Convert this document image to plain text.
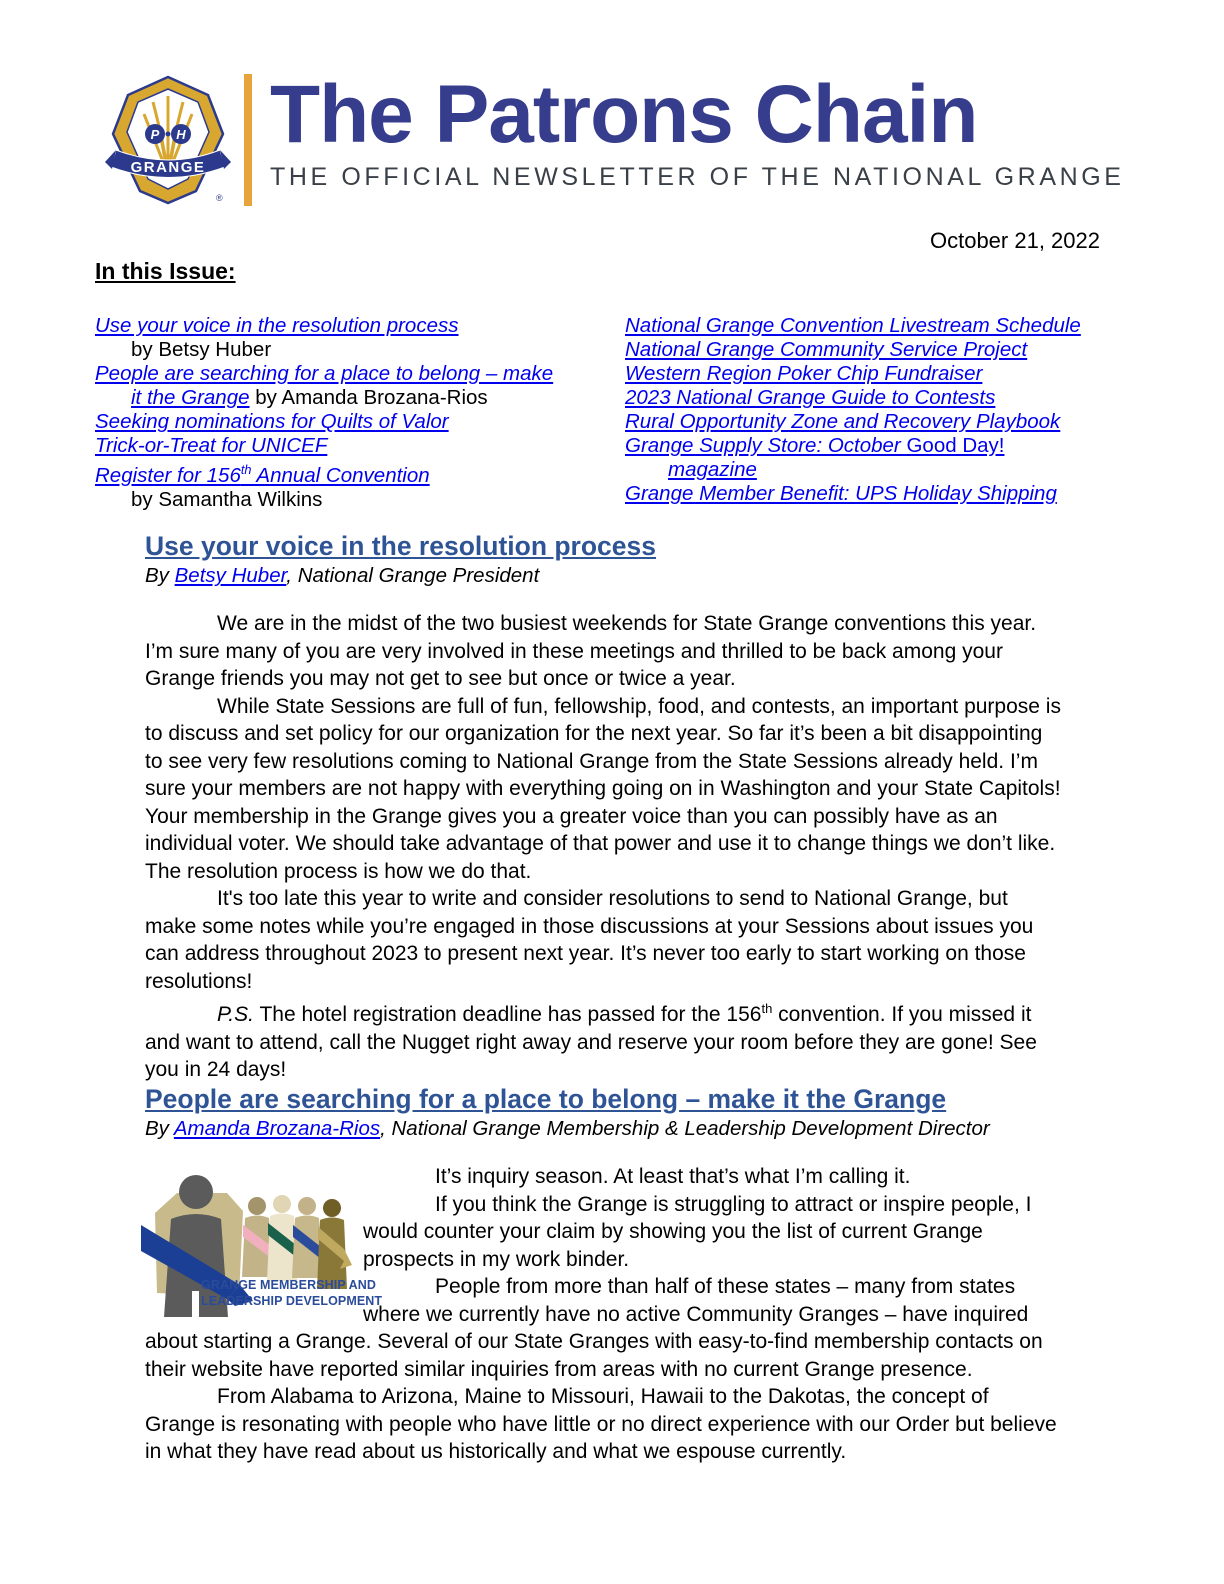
P H
GRANGE
®
The Patrons Chain
THE OFFICIAL NEWSLETTER OF THE NATIONAL GRANGE
October 21, 2022
In this Issue:
Use your voice in the resolution process
by Betsy Huber
People are searching for a place to belong – make
it the Grange by Amanda Brozana-Rios
Seeking nominations for Quilts of Valor
Trick-or-Treat for UNICEF
Register for 156th Annual Convention
by Samantha Wilkins
National Grange Convention Livestream Schedule
National Grange Community Service Project
Western Region Poker Chip Fundraiser
2023 National Grange Guide to Contests
Rural Opportunity Zone and Recovery Playbook
Grange Supply Store: October Good Day!
magazine
Grange Member Benefit: UPS Holiday Shipping
Use your voice in the resolution process
By Betsy Huber, National Grange President

We are in the midst of the two busiest weekends for State Grange conventions this year. I’m sure many of you are very involved in these meetings and thrilled to be back among your Grange friends you may not get to see but once or twice a year.

While State Sessions are full of fun, fellowship, food, and contests, an important purpose is to discuss and set policy for our organization for the next year. So far it’s been a bit disappointing to see very few resolutions coming to National Grange from the State Sessions already held. I’m sure your members are not happy with everything going on in Washington and your State Capitols! Your membership in the Grange gives you a greater voice than you can possibly have as an individual voter. We should take advantage of that power and use it to change things we don’t like. The resolution process is how we do that.

It's too late this year to write and consider resolutions to send to National Grange, but make some notes while you’re engaged in those discussions at your Sessions about issues you can address throughout 2023 to present next year. It’s never too early to start working on those resolutions!

P.S. The hotel registration deadline has passed for the 156th convention. If you missed it and want to attend, call the Nugget right away and reserve your room before they are gone! See you in 24 days!

People are searching for a place to belong – make it the Grange
By Amanda Brozana-Rios, National Grange Membership & Leadership Development Director
GRANGE MEMBERSHIP AND
LEADERSHIP DEVELOPMENT

It’s inquiry season. At least that’s what I’m calling it.

If you think the Grange is struggling to attract or inspire people, I would counter your claim by showing you the list of current Grange prospects in my work binder.

People from more than half of these states – many from states where we currently have no active Community Granges – have inquired about starting a Grange. Several of our State Granges with easy-to-find membership contacts on their website have reported similar inquiries from areas with no current Grange presence.

From Alabama to Arizona, Maine to Missouri, Hawaii to the Dakotas, the concept of Grange is resonating with people who have little or no direct experience with our Order but believe in what they have read about us historically and what we espouse currently.
